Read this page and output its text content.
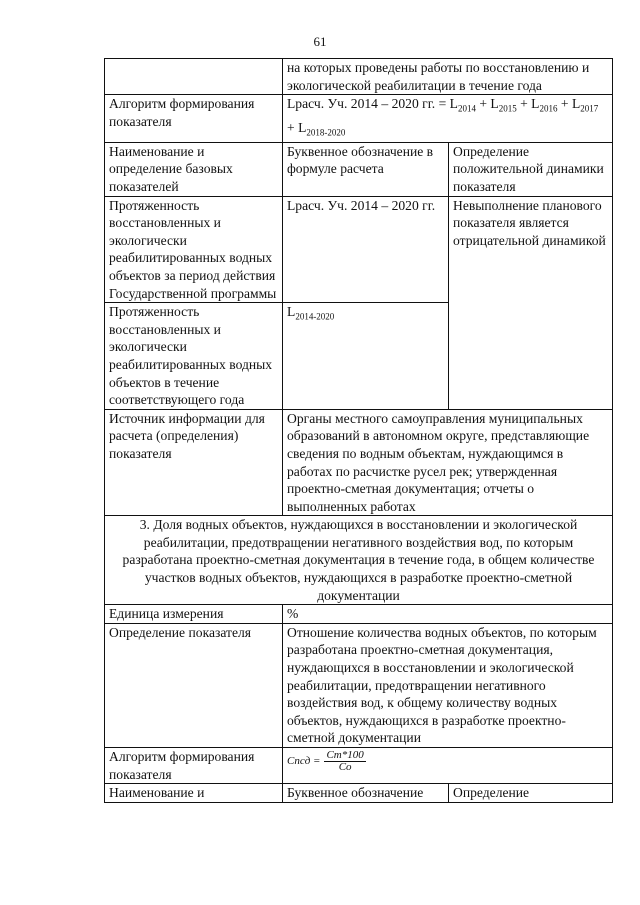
61
	на которых проведены работы по восстановлению и экологической реабилитации в течение года	
Алгоритм формирования показателя	Lрасч. Уч. 2014 – 2020 гг. = $L_{2014} + L_{2015} + L_{2016} + L_{2017} + L_{2018-2020}$
Наименование и определение базовых показателей	Буквенное обозначение в формуле расчета	Определение положительной динамики показателя
Протяженность восстановленных и экологически реабилитированных водных объектов за период действия Государственной программы	Lрасч. Уч. 2014 – 2020 гг.	Невыполнение планового показателя является отрицательной динамикой
Протяженность восстановленных и экологически реабилитированных водных объектов в течение соответствующего года	$L_{2014-2020}$
Источник информации для расчета (определения) показателя	Органы местного самоуправления муниципальных образований в автономном округе, представляющие сведения по водным объектам, нуждающимся в работах по расчистке русел рек; утвержденная проектно-сметная документация; отчеты о выполненных работах	
3. Доля водных объектов, нуждающихся в восстановлении и экологической реабилитации, предотвращении негативного воздействия вод, по которым разработана проектно-сметная документация в течение года, в общем количестве участков водных объектов, нуждающихся в разработке проектно-сметной документации		
Единица измерения	%	
Определение показателя	Отношение количества водных объектов, по которым разработана проектно-сметная документация, нуждающихся в восстановлении и экологической реабилитации, предотвращении негативного воздействия вод, к общему количеству водных объектов, нуждающихся в разработке проектно-сметной документации	
Алгоритм формирования показателя	Cпсд = $\frac{Cт*100}{Co}$

Наименование и	Буквенное обозначение	Определение
